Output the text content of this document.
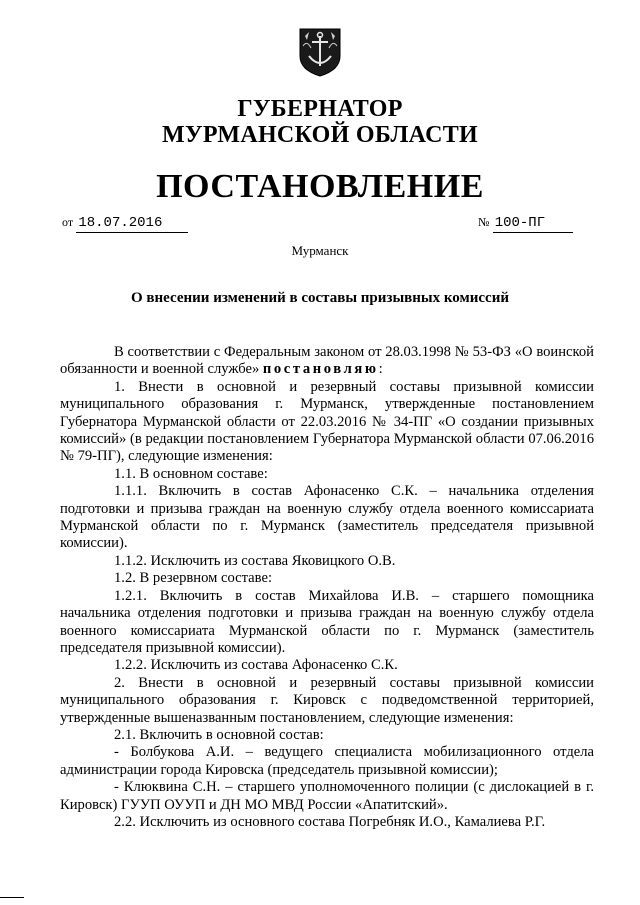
ГУБЕРНАТОР
МУРМАНСКОЙ ОБЛАСТИ
ПОСТАНОВЛЕНИЕ
от 18.07.2016	№ 100-ПГ
Мурманск
О внесении изменений в составы призывных комиссий

В соответствии с Федеральным законом от 28.03.1998 № 53-ФЗ «О воинской обязанности и военной службе» постановляю:

1. Внести в основной и резервный составы призывной комиссии муниципального образования г. Мурманск, утвержденные постановлением Губернатора Мурманской области от 22.03.2016 № 34-ПГ «О создании призывных комиссий» (в редакции постановлением Губернатора Мурманской области 07.06.2016 № 79-ПГ), следующие изменения:

1.1. В основном составе:

1.1.1. Включить в состав Афонасенко С.К. – начальника отделения подготовки и призыва граждан на военную службу отдела военного комиссариата Мурманской области по г. Мурманск (заместитель председателя призывной комиссии).

1.1.2. Исключить из состава Яковицкого О.В.

1.2. В резервном составе:

1.2.1. Включить в состав Михайлова И.В. – старшего помощника начальника отделения подготовки и призыва граждан на военную службу отдела военного комиссариата Мурманской области по г. Мурманск (заместитель председателя призывной комиссии).

1.2.2. Исключить из состава Афонасенко С.К.

2. Внести в основной и резервный составы призывной комиссии муниципального образования г. Кировск с подведомственной территорией, утвержденные вышеназванным постановлением, следующие изменения:

2.1. Включить в основной состав:

- Болбукова А.И. – ведущего специалиста мобилизационного отдела администрации города Кировска (председатель призывной комиссии);

- Клюквина С.Н. – старшего уполномоченного полиции (с дислокацией в г. Кировск) ГУУП ОУУП и ДН МО МВД России «Апатитский».

2.2. Исключить из основного состава Погребняк И.О., Камалиева Р.Г.
